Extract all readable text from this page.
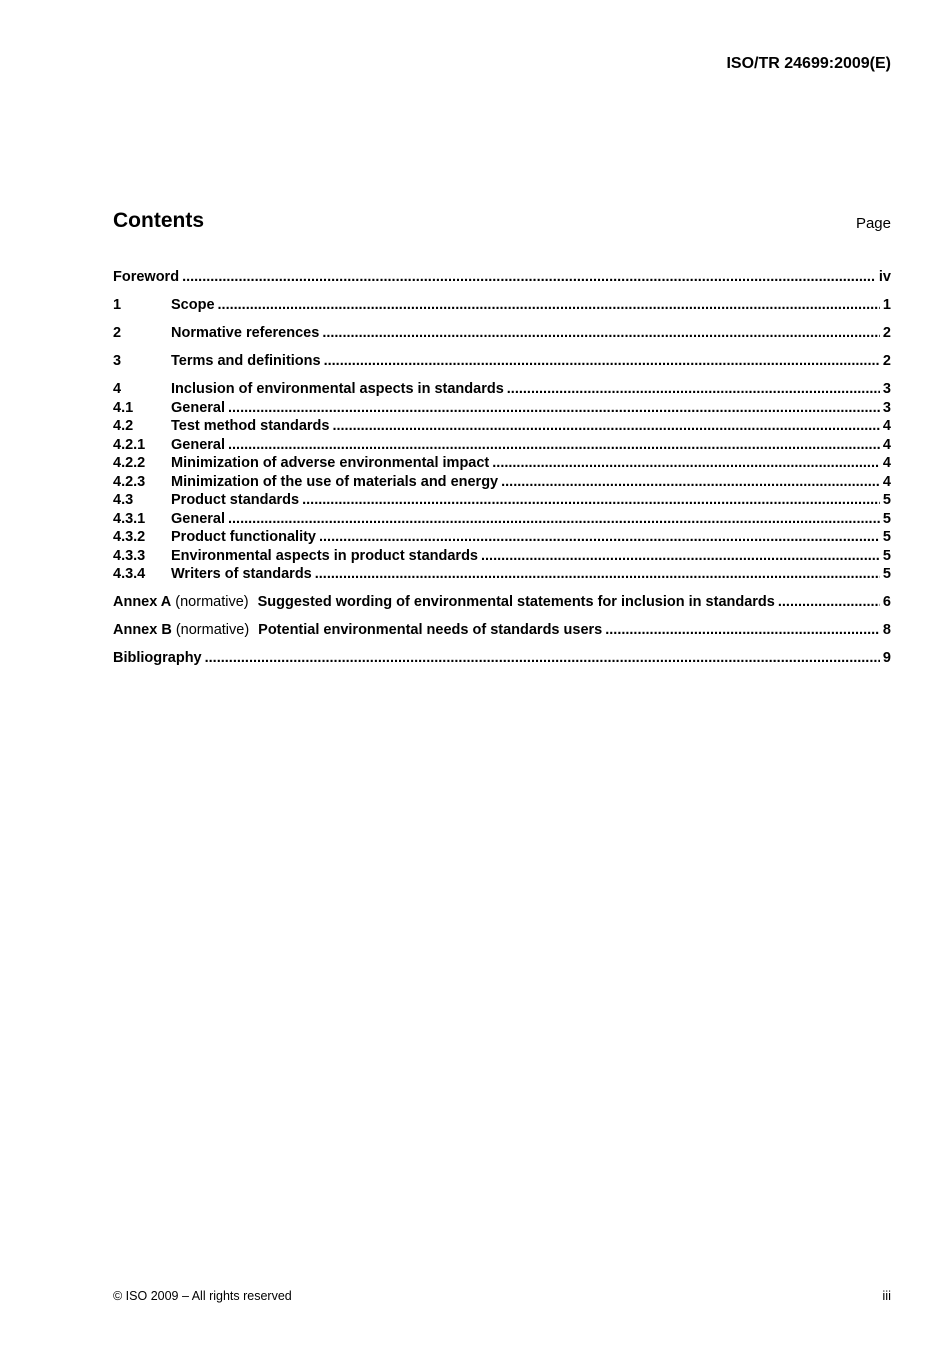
ISO/TR 24699:2009(E)
Contents	Page
Foreword .....	iv
1	Scope .....	1
2	Normative references .....	2
3	Terms and definitions .....	2
4	Inclusion of environmental aspects in standards .....	3
4.1	General .....	3
4.2	Test method standards .....	4
4.2.1	General .....	4
4.2.2	Minimization of adverse environmental impact .....	4
4.2.3	Minimization of the use of materials and energy .....	4
4.3	Product standards .....	5
4.3.1	General .....	5
4.3.2	Product functionality .....	5
4.3.3	Environmental aspects in product standards .....	5
4.3.4	Writers of standards .....	5
Annex A (normative) Suggested wording of environmental statements for inclusion in standards .....	6
Annex B (normative) Potential environmental needs of standards users .....	8
Bibliography .....	9
© ISO 2009 – All rights reserved	iii
